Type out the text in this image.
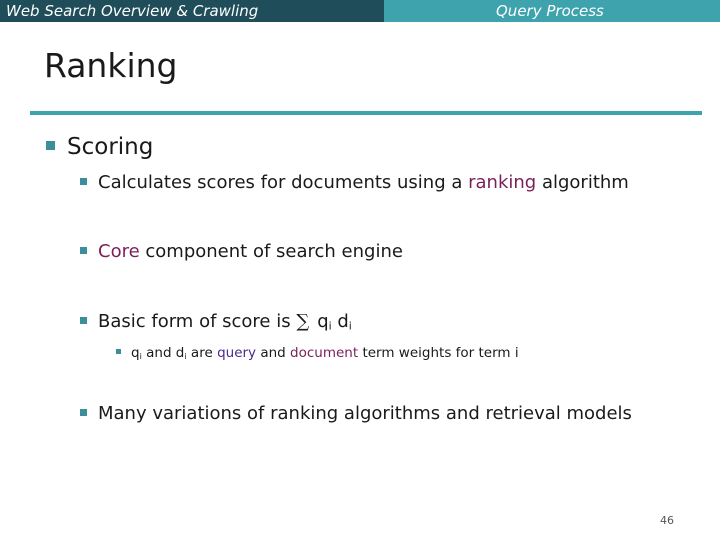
Web Search Overview & Crawling	Query Process
Ranking
Scoring
Calculates scores for documents using a ranking algorithm
Core component of search engine
Basic form of score is ∑ $q_i$ $d_i$
$q_i$ and $d_i$ are query and document term weights for term i
Many variations of ranking algorithms and retrieval models
46
